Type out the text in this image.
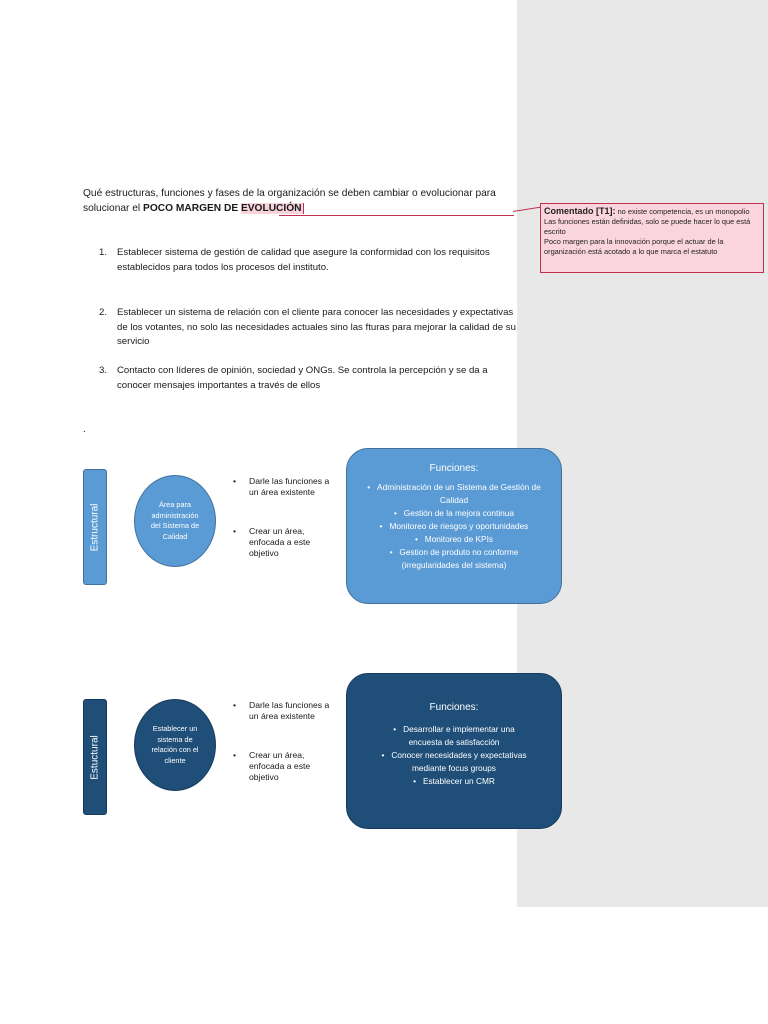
Qué estructuras, funciones y fases de la organización se deben cambiar o evolucionar para
solucionar el POCO MARGEN DE EVOLUCIÓN	Comentado [T1]: no existe competencia, es un monopolio
Las funciones están definidas, solo se puede hacer lo que está escrito
Poco margen para la innovación porque el actuar de la organización está acotado a lo que marca el estatuto
1. Establecer sistema de gestión de calidad que asegure la conformidad con los requisitos establecidos para todos los procesos del instituto.
2. Establecer un sistema de relación con el cliente para conocer las necesidades y expectativas de los votantes, no solo las necesidades actuales sino las fturas para mejorar la calidad de su servicio
3. Contacto con líderes de opinión, sociedad y ONGs. Se controla la percepción y se da a conocer mensajes importantes a través de ellos
.
Estructural	Área para administración del Sistema de Calidad
• Darle las funciones a un área existente
• Crear un área, enfocada a este objetivo
Funciones:
•   Administración de un Sistema de Gestión de Calidad
•   Gestión de la mejora continua
•   Monitoreo de riesgos y oportunidades
•   Monitoreo de KPIs
•   Gestion de produto no conforme (irregularidades del sistema)
Estuctural
Establecer un sistema de relación con el cliente
• Darle las funciones a un área existente
• Crear un área, enfocada a este objetivo
Funciones:
•   Desarrollar e implementar una encuesta de satisfacción
•   Conocer necesidades y expectativas mediante focus groups
•   Establecer un CMR
